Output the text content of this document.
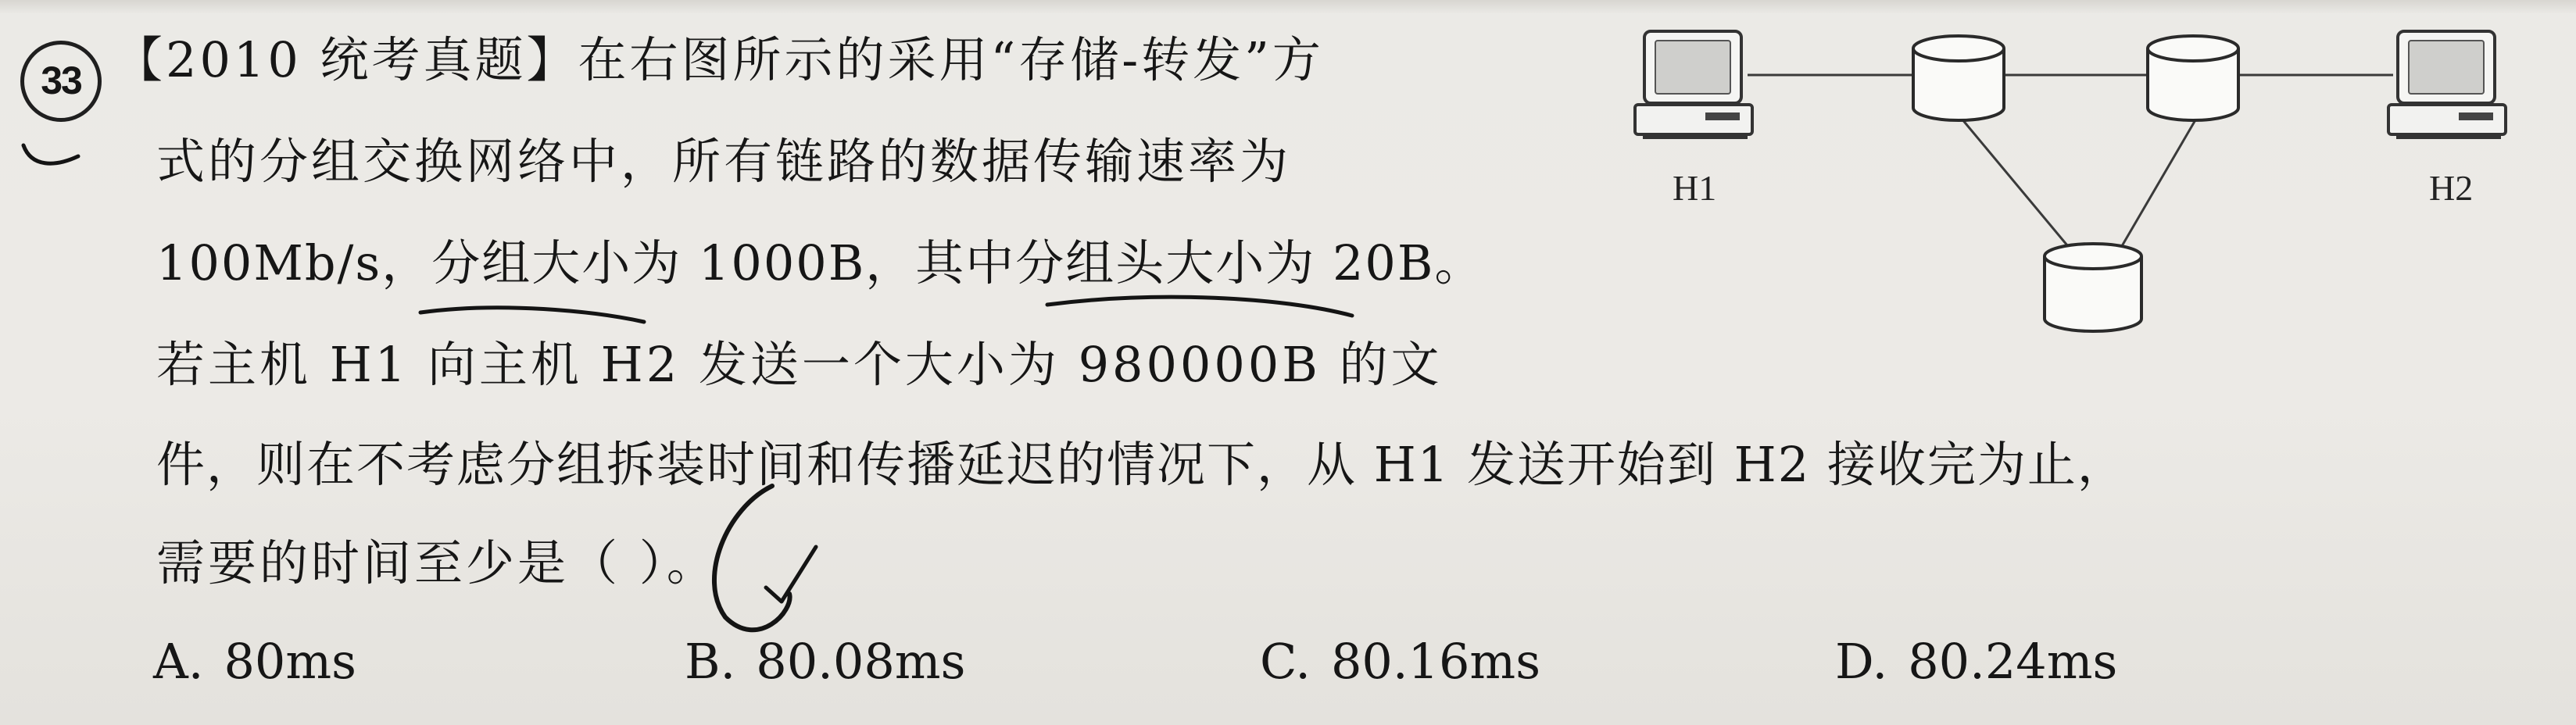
33 【2010 统考真题】在右图所示的采用“存储-转发”方
式的分组交换网络中，所有链路的数据传输速率为
100Mb/s，分组大小为 1000B，其中分组头大小为 20B。
若主机 H1 向主机 H2 发送一个大小为 980000B 的文
件，则在不考虑分组拆装时间和传播延迟的情况下，从 H1 发送开始到 H2 接收完为止，
需要的时间至少是（ ）。
A. 80ms	B. 80.08ms	C. 80.16ms	D. 80.24ms
H1	H2
